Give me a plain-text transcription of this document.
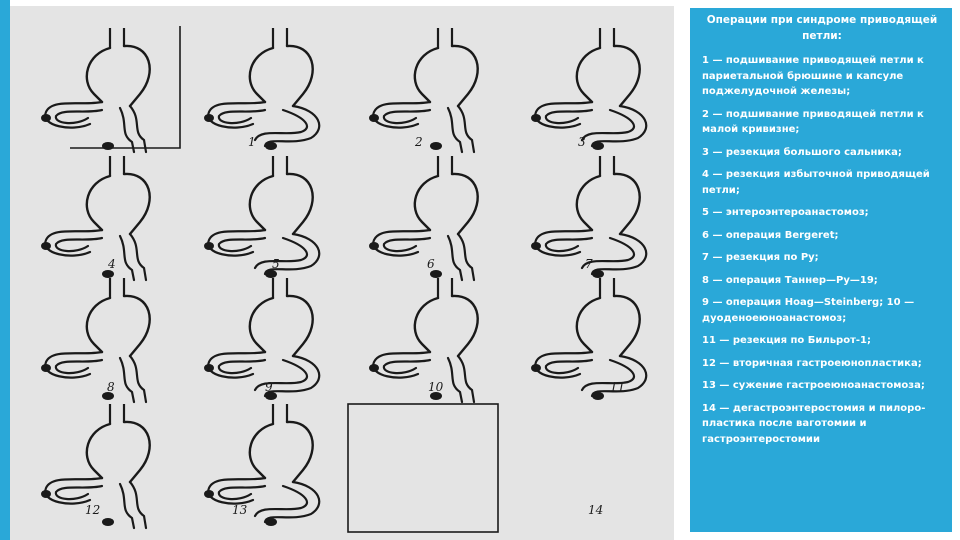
1	2	3
4	5	6	7
8	9	10	11
12	13	14

Операции при синдроме приводящей петли:

1 — подшивание приводящей петли к париетальной брюшине и капсуле поджелудочной железы;
2 — подшивание приводящей петли к малой кривизне;
3 — резекция большого сальника;
4 — резекция избыточной приводящей петли;
5 — энтероэнтероанастомоз;
6 — операция Bergeret;
7 — резекция по Ру;
8 — операция Таннер—Ру—19;
9 — операция Hoag—Steinberg; 10 — дуоденоеюноанастомоз;
11 — резекция по Бильрот-1;
12 — вторичная гастроеюнопластика;
13 — сужение гастроеюноанастомоза;
14 — дегастроэнтеростомия и пилоро-пластика после ваготомии и гастроэнтеростомии
